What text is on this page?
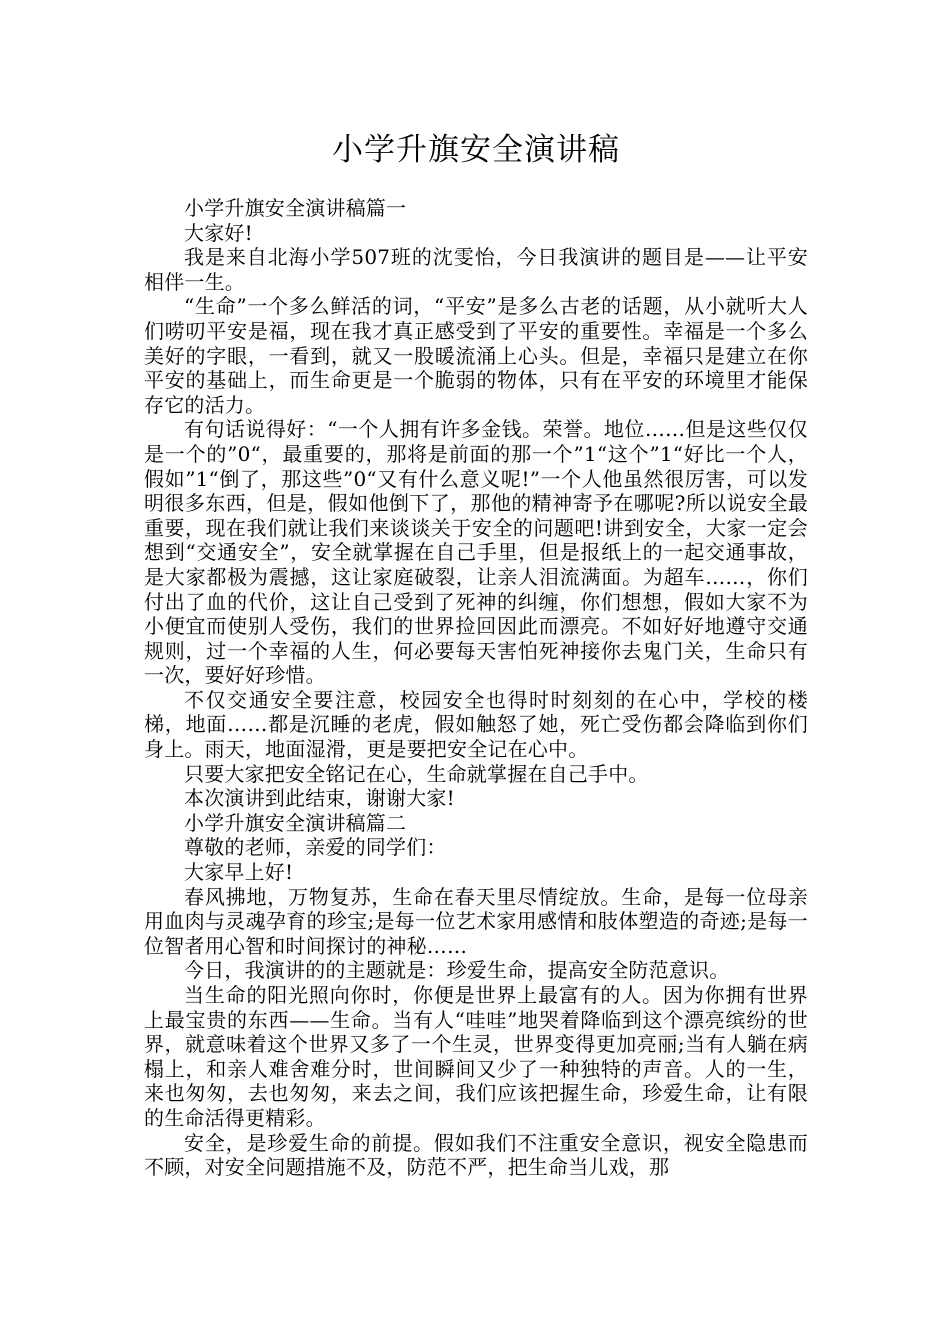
小学升旗安全演讲稿

小学升旗安全演讲稿篇一

大家好!

我是来自北海小学507班的沈雯怡，今日我演讲的题目是——让平安相伴一生。

“生命”一个多么鲜活的词，“平安”是多么古老的话题，从小就听大人们唠叨平安是福，现在我才真正感受到了平安的重要性。幸福是一个多么美好的字眼，一看到，就又一股暖流涌上心头。但是，幸福只是建立在你平安的基础上，而生命更是一个脆弱的物体，只有在平安的环境里才能保存它的活力。

有句话说得好：“一个人拥有许多金钱。荣誉。地位……但是这些仅仅是一个的”0“，最重要的，那将是前面的那一个”1“这个”1“好比一个人，假如”1“倒了，那这些”0“又有什么意义呢!”一个人他虽然很厉害，可以发明很多东西，但是，假如他倒下了，那他的精神寄予在哪呢?所以说安全最重要，现在我们就让我们来谈谈关于安全的问题吧!讲到安全，大家一定会想到“交通安全”，安全就掌握在自己手里，但是报纸上的一起交通事故，是大家都极为震撼，这让家庭破裂，让亲人泪流满面。为超车……，你们付出了血的代价，这让自己受到了死神的纠缠，你们想想，假如大家不为小便宜而使别人受伤，我们的世界捡回因此而漂亮。不如好好地遵守交通规则，过一个幸福的人生，何必要每天害怕死神接你去鬼门关，生命只有一次，要好好珍惜。

不仅交通安全要注意，校园安全也得时时刻刻的在心中，学校的楼梯，地面……都是沉睡的老虎，假如触怒了她，死亡受伤都会降临到你们身上。雨天，地面湿滑，更是要把安全记在心中。

只要大家把安全铭记在心，生命就掌握在自己手中。

本次演讲到此结束，谢谢大家!

小学升旗安全演讲稿篇二

尊敬的老师，亲爱的同学们：

大家早上好!

春风拂地，万物复苏，生命在春天里尽情绽放。生命，是每一位母亲用血肉与灵魂孕育的珍宝;是每一位艺术家用感情和肢体塑造的奇迹;是每一位智者用心智和时间探讨的神秘……

今日，我演讲的的主题就是：珍爱生命，提高安全防范意识。

当生命的阳光照向你时，你便是世界上最富有的人。因为你拥有世界上最宝贵的东西——生命。当有人“哇哇”地哭着降临到这个漂亮缤纷的世界，就意味着这个世界又多了一个生灵，世界变得更加亮丽;当有人躺在病榻上，和亲人难舍难分时，世间瞬间又少了一种独特的声音。人的一生，来也匆匆，去也匆匆，来去之间，我们应该把握生命，珍爱生命，让有限的生命活得更精彩。

安全，是珍爱生命的前提。假如我们不注重安全意识，视安全隐患而不顾，对安全问题措施不及，防范不严，把生命当儿戏，那
